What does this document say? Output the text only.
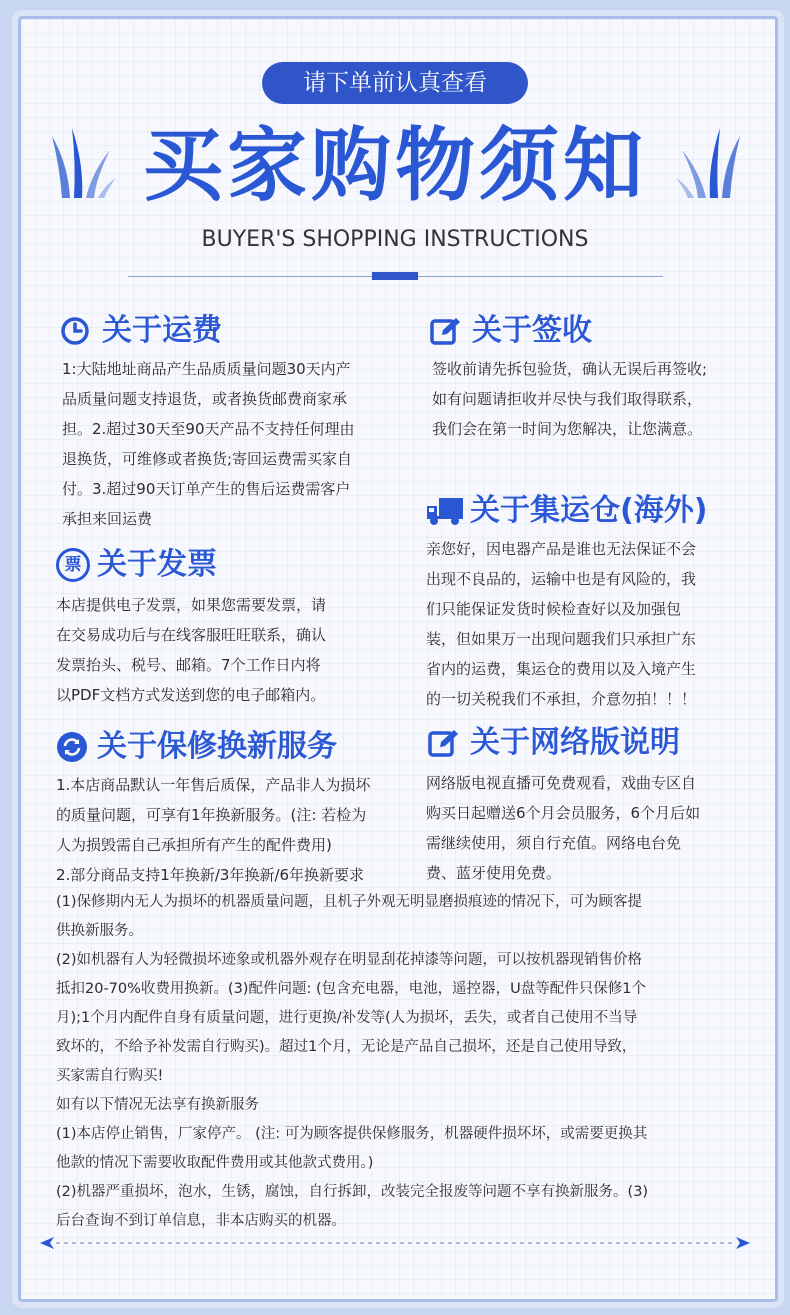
请下单前认真查看
买家购物须知
BUYER'S SHOPPING INSTRUCTIONS
关于运费

1:大陆地址商品产生品质质量问题30天内产

品质量问题支持退货，或者换货邮费商家承

担。2.超过30天至90天产品不支持任何理由

退换货，可维修或者换货;寄回运费需买家自

付。3.超过90天订单产生的售后运费需客户

承担来回运费

关于签收

签收前请先拆包验货，确认无误后再签收;

如有问题请拒收并尽快与我们取得联系，

我们会在第一时间为您解决，让您满意。

关于集运仓(海外)

亲您好，因电器产品是谁也无法保证不会

出现不良品的，运输中也是有风险的，我

们只能保证发货时候检查好以及加强包

装，但如果万一出现问题我们只承担广东

省内的运费，集运仓的费用以及入境产生

的一切关税我们不承担，介意勿拍！！！

票 关于发票

本店提供电子发票，如果您需要发票，请

在交易成功后与在线客服旺旺联系，确认

发票抬头、税号、邮箱。7个工作日内将

以PDF文档方式发送到您的电子邮箱内。

关于网络版说明

网络版电视直播可免费观看，戏曲专区自

购买日起赠送6个月会员服务，6个月后如

需继续使用，须自行充值。网络电台免

费、蓝牙使用免费。

关于保修换新服务

1.本店商品默认一年售后质保，产品非人为损坏

的质量问题，可享有1年换新服务。(注: 若检为

人为损毁需自己承担所有产生的配件费用)

2.部分商品支持1年换新/3年换新/6年换新要求

(1)保修期内无人为损坏的机器质量问题，且机子外观无明显磨损痕迹的情况下，可为顾客提

供换新服务。

(2)如机器有人为轻微损坏迹象或机器外观存在明显刮花掉漆等问题，可以按机器现销售价格

抵扣20-70%收费用换新。(3)配件问题: (包含充电器，电池，遥控器，U盘等配件只保修1个

月);1个月内配件自身有质量问题，进行更换/补发等(人为损坏，丢失，或者自己使用不当导

致坏的，不给予补发需自行购买)。超过1个月，无论是产品自己损坏，还是自己使用导致，

买家需自行购买!

如有以下情况无法享有换新服务

(1)本店停止销售，厂家停产。 (注: 可为顾客提供保修服务，机器硬件损坏坏，或需要更换其

他款的情况下需要收取配件费用或其他款式费用。)

(2)机器严重损坏，泡水，生锈，腐蚀，自行拆卸，改装完全报废等问题不享有换新服务。(3)

后台查询不到订单信息，非本店购买的机器。
